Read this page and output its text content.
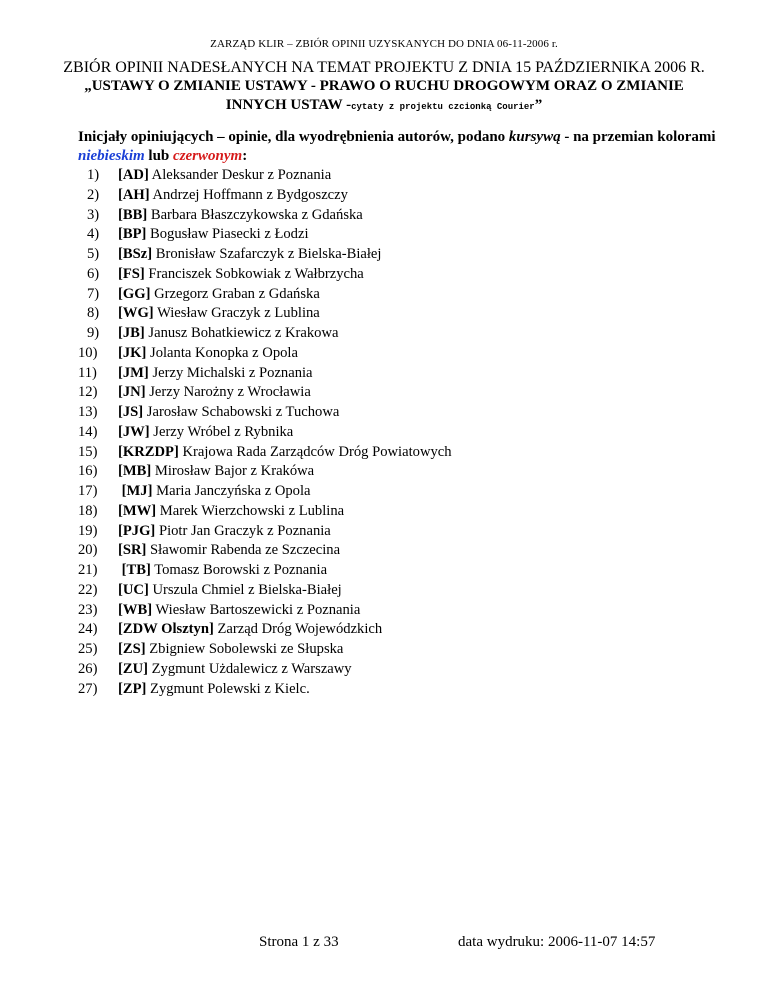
ZARZĄD KLIR – ZBIÓR OPINII UZYSKANYCH DO DNIA 06-11-2006 r.
ZBIÓR OPINII NADESŁANYCH NA TEMAT PROJEKTU Z DNIA 15 PAŹDZIERNIKA 2006 R.
„USTAWY O ZMIANIE USTAWY - PRAWO O RUCHU DROGOWYM ORAZ O ZMIANIE
INNYCH USTAW -cytaty z projektu czcionką Courier”
Inicjały opiniujących – opinie, dla wyodrębnienia autorów, podano kursywą - na przemian kolorami niebieskim lub czerwonym:
1) [AD] Aleksander Deskur z Poznania
2) [AH] Andrzej Hoffmann z Bydgoszczy
3) [BB] Barbara Błaszczykowska z Gdańska
4) [BP] Bogusław Piasecki z Łodzi
5) [BSz] Bronisław Szafarczyk z Bielska-Białej
6) [FS] Franciszek Sobkowiak z Wałbrzycha
7) [GG] Grzegorz Graban z Gdańska
8) [WG] Wiesław Graczyk z Lublina
9) [JB] Janusz Bohatkiewicz z Krakowa
10) [JK] Jolanta Konopka z Opola
11) [JM] Jerzy Michalski z Poznania
12) [JN] Jerzy Narożny z Wrocławia
13) [JS] Jarosław Schabowski z Tuchowa
14) [JW] Jerzy Wróbel z Rybnika
15) [KRZDP] Krajowa Rada Zarządców Dróg Powiatowych
16) [MB] Mirosław Bajor z Krakówa
17) [MJ] Maria Janczyńska z Opola
18) [MW] Marek Wierzchowski z Lublina
19) [PJG] Piotr Jan Graczyk z Poznania
20) [SR] Sławomir Rabenda ze Szczecina
21) [TB] Tomasz Borowski z Poznania
22) [UC] Urszula Chmiel z Bielska-Białej
23) [WB] Wiesław Bartoszewicki z Poznania
24) [ZDW Olsztyn] Zarząd Dróg Wojewódzkich
25) [ZS] Zbigniew Sobolewski ze Słupska
26) [ZU] Zygmunt Użdalewicz z Warszawy
27) [ZP] Zygmunt Polewski z Kielc.
Strona 1 z 33	data wydruku: 2006-11-07 14:57
